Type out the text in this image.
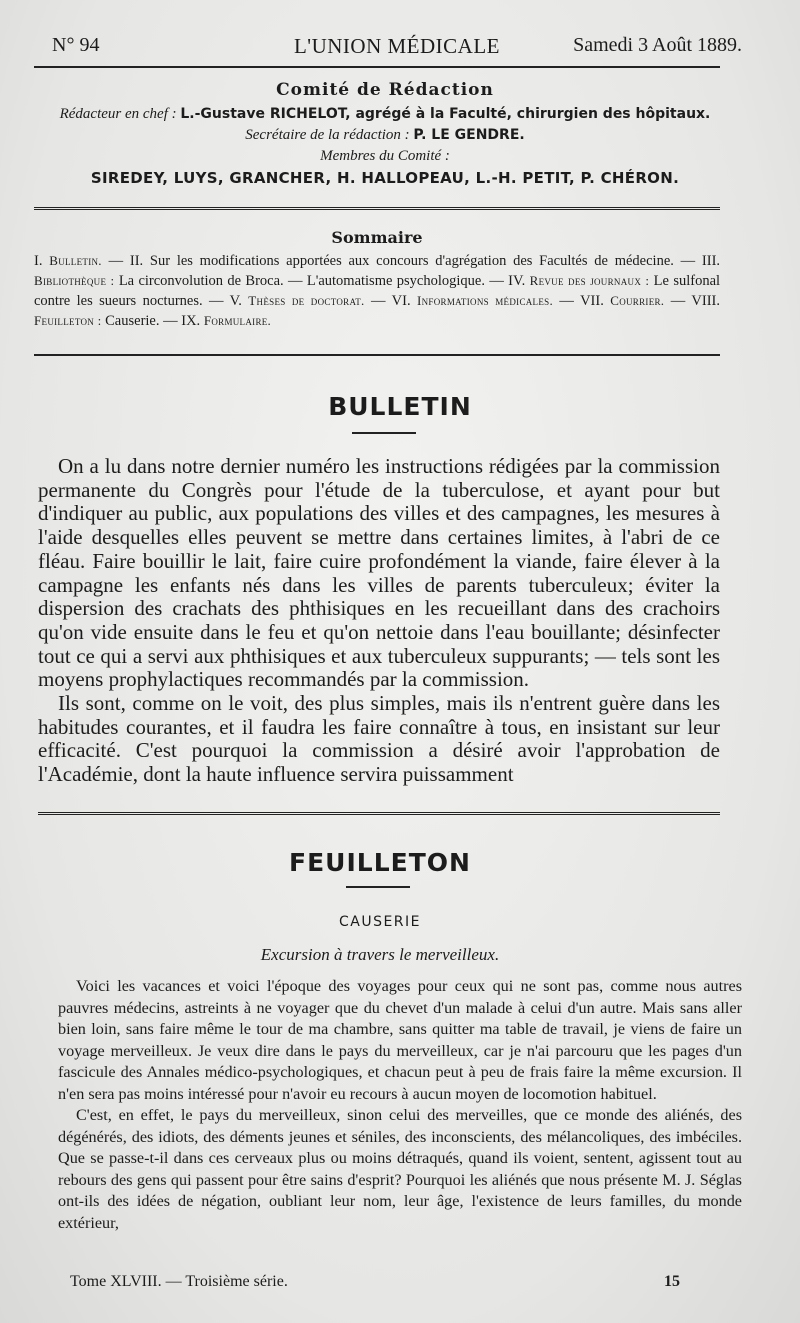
N° 94	L'UNION MÉDICALE	Samedi 3 Août 1889.
Comité de Rédaction
Rédacteur en chef : L.-Gustave RICHELOT, agrégé à la Faculté, chirurgien des hôpitaux.
Secrétaire de la rédaction : P. LE GENDRE.
Membres du Comité :
SIREDEY, LUYS, GRANCHER, H. HALLOPEAU, L.-H. PETIT, P. CHÉRON.
Sommaire
I. Bulletin. — II. Sur les modifications apportées aux concours d'agrégation des Facultés de médecine. — III. Bibliothèque : La circonvolution de Broca. — L'automatisme psychologique. — IV. Revue des journaux : Le sulfonal contre les sueurs nocturnes. — V. Thèses de doctorat. — VI. Informations médicales. — VII. Courrier. — VIII. Feuilleton : Causerie. — IX. Formulaire.
BULLETIN

On a lu dans notre dernier numéro les instructions rédigées par la commission permanente du Congrès pour l'étude de la tuberculose, et ayant pour but d'indiquer au public, aux populations des villes et des campagnes, les mesures à l'aide desquelles elles peuvent se mettre dans certaines limites, à l'abri de ce fléau. Faire bouillir le lait, faire cuire profondément la viande, faire élever à la campagne les enfants nés dans les villes de parents tuberculeux; éviter la dispersion des crachats des phthisiques en les recueillant dans des crachoirs qu'on vide ensuite dans le feu et qu'on nettoie dans l'eau bouillante; désinfecter tout ce qui a servi aux phthisiques et aux tuberculeux suppurants; — tels sont les moyens prophylactiques recommandés par la commission.

Ils sont, comme on le voit, des plus simples, mais ils n'entrent guère dans les habitudes courantes, et il faudra les faire connaître à tous, en insistant sur leur efficacité. C'est pourquoi la commission a désiré avoir l'approbation de l'Académie, dont la haute influence servira puissamment

FEUILLETON
CAUSERIE
Excursion à travers le merveilleux.

Voici les vacances et voici l'époque des voyages pour ceux qui ne sont pas, comme nous autres pauvres médecins, astreints à ne voyager que du chevet d'un malade à celui d'un autre. Mais sans aller bien loin, sans faire même le tour de ma chambre, sans quitter ma table de travail, je viens de faire un voyage merveilleux. Je veux dire dans le pays du merveilleux, car je n'ai parcouru que les pages d'un fascicule des Annales médico-psychologiques, et chacun peut à peu de frais faire la même excursion. Il n'en sera pas moins intéressé pour n'avoir eu recours à aucun moyen de locomotion habituel.

C'est, en effet, le pays du merveilleux, sinon celui des merveilles, que ce monde des aliénés, des dégénérés, des idiots, des déments jeunes et séniles, des inconscients, des mélancoliques, des imbéciles. Que se passe-t-il dans ces cerveaux plus ou moins détraqués, quand ils voient, sentent, agissent tout au rebours des gens qui passent pour être sains d'esprit? Pourquoi les aliénés que nous présente M. J. Séglas ont-ils des idées de négation, oubliant leur nom, leur âge, l'existence de leurs familles, du monde extérieur,

Tome XLVIII. — Troisième série.	15
